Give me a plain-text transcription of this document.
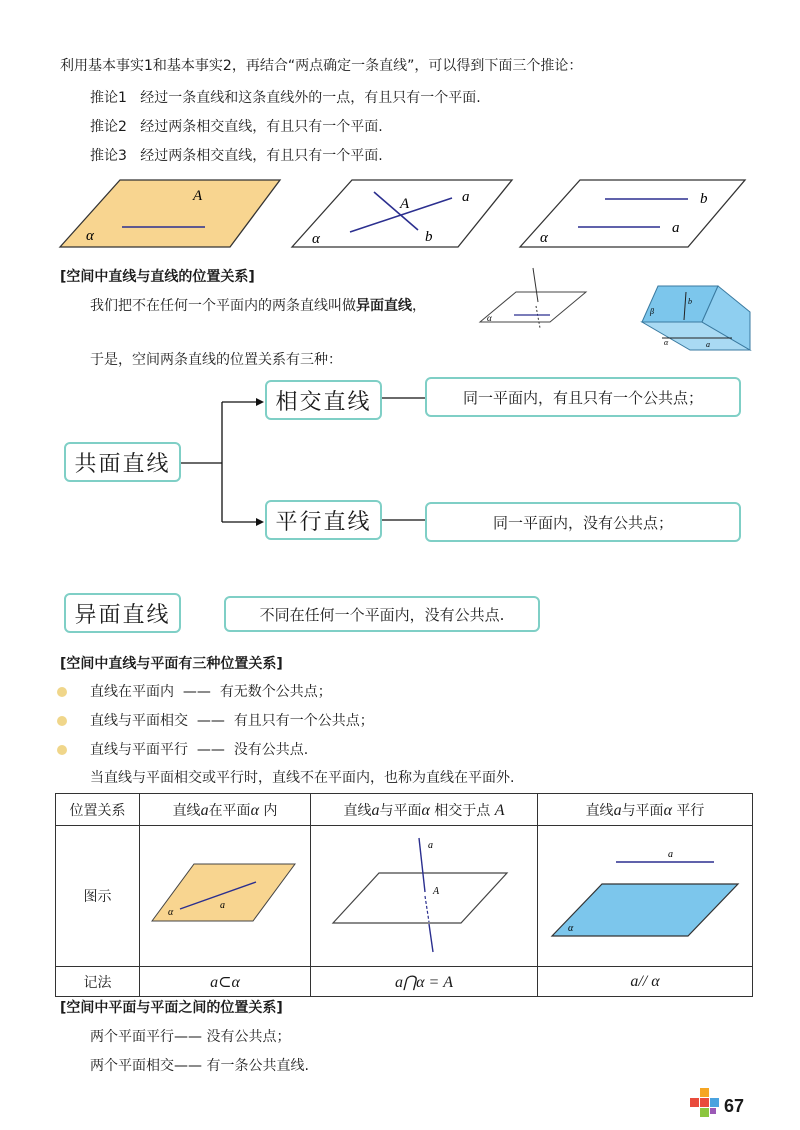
利用基本事实1和基本事实2，再结合“两点确定一条直线”，可以得到下面三个推论：
推论1 经过一条直线和这条直线外的一点，有且只有一个平面.
推论2 经过两条相交直线，有且只有一个平面.
推论3 经过两条相交直线，有且只有一个平面.
A
α
A	a
b
α
b
a
α
[空间中直线与直线的位置关系]
我们把不在任何一个平面内的两条直线叫做异面直线，
α
b
β
α	a
于是，空间两条直线的位置关系有三种：
共面直线
相交直线	同一平面内，有且只有一个公共点；
平行直线	同一平面内，没有公共点；
异面直线	不同在任何一个平面内，没有公共点.
[空间中直线与平面有三种位置关系]
直线在平面内 —— 有无数个公共点；
直线与平面相交 —— 有且只有一个公共点；
直线与平面平行 —— 没有公共点.
当直线与平面相交或平行时，直线不在平面内，也称为直线在平面外.
位置关系	直线a在平面α 内	直线a与平面α 相交于点 A	直线a与平面α 平行
图示	α
a	a
A	a
α

记法	a⊂α	a⋂α = A	a// α
[空间中平面与平面之间的位置关系]
两个平面平行—— 没有公共点；
两个平面相交—— 有一条公共直线.
67
